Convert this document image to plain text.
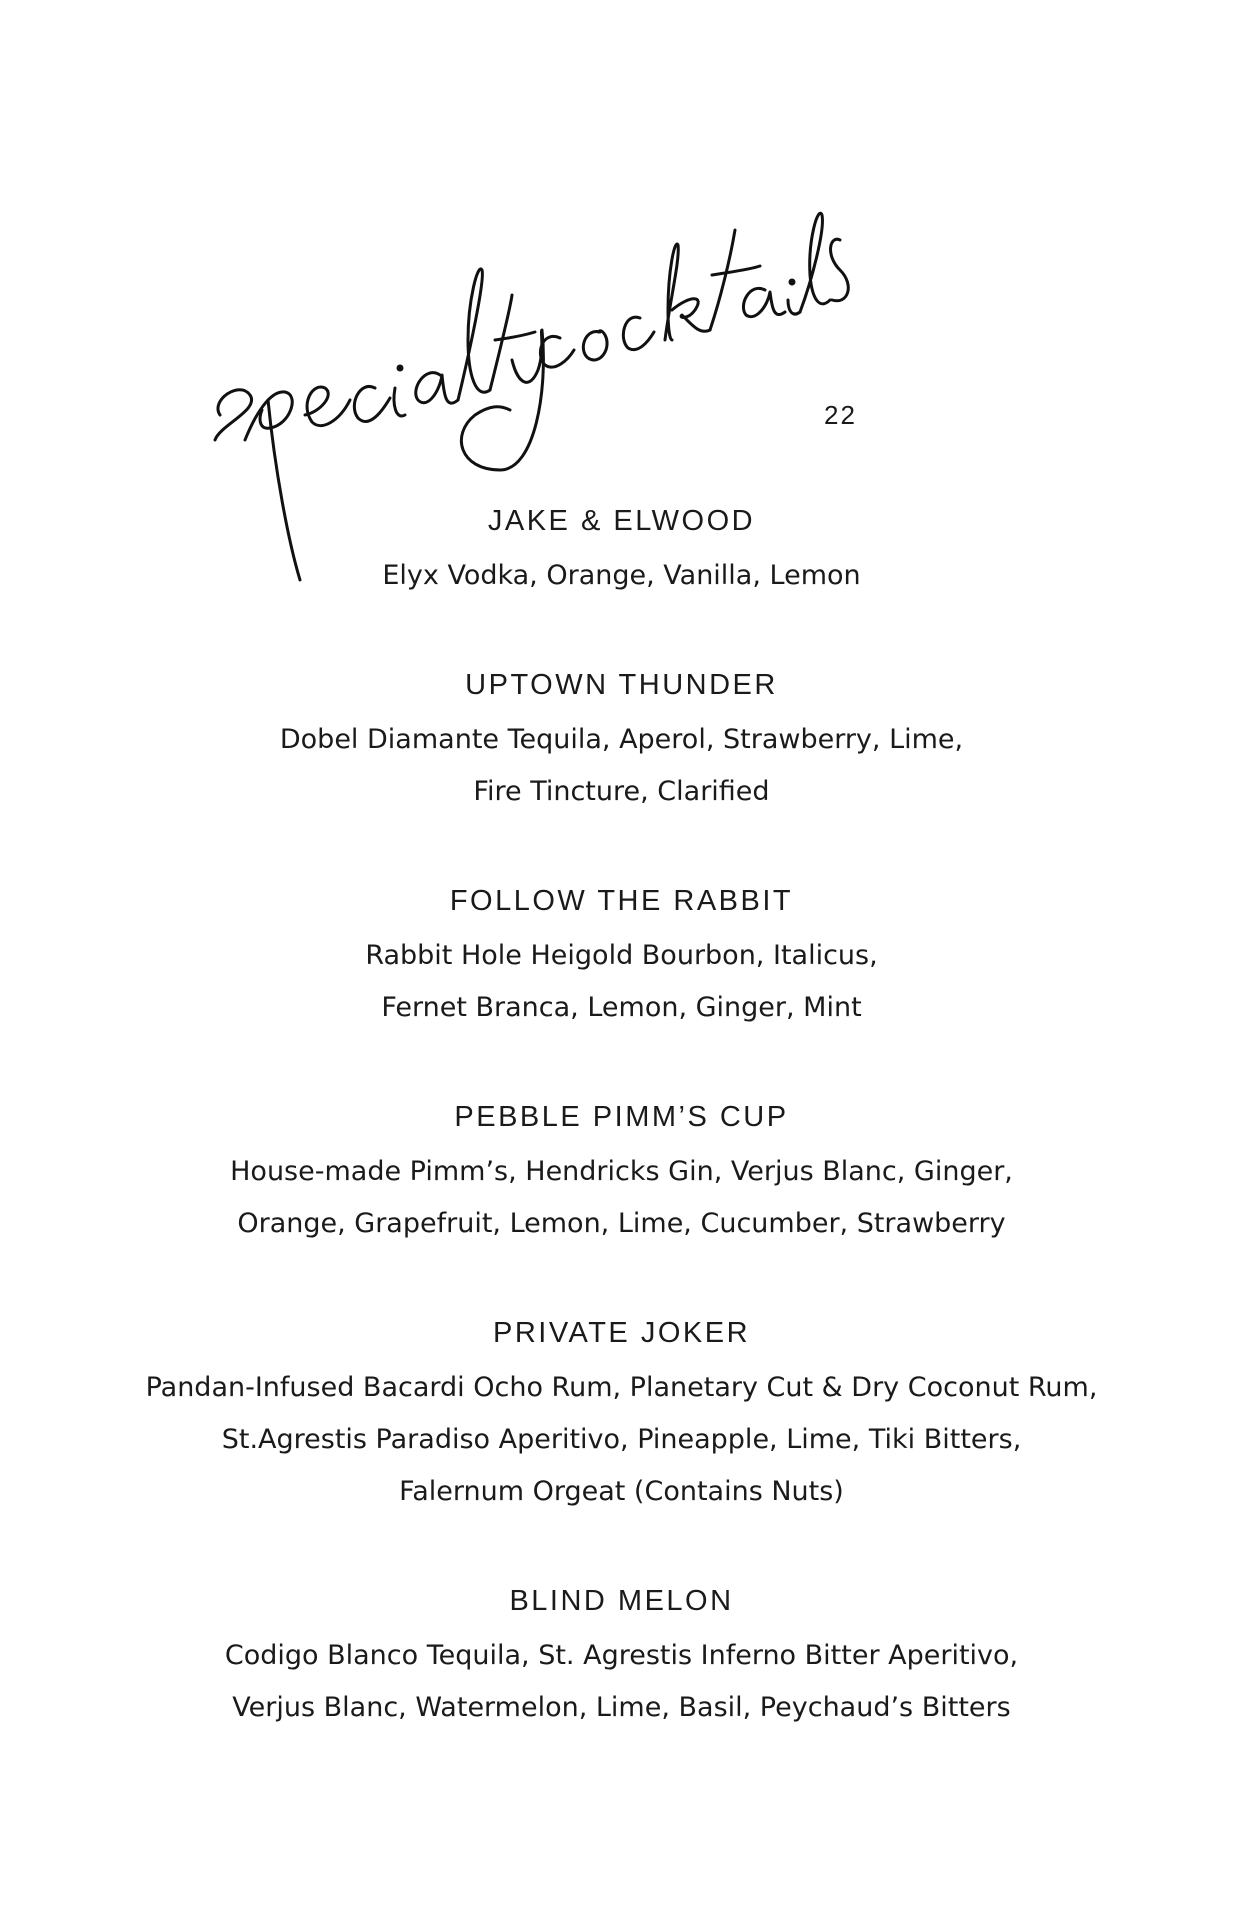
22
JAKE & ELWOOD
Elyx Vodka, Orange, Vanilla, Lemon
UPTOWN THUNDER
Dobel Diamante Tequila, Aperol, Strawberry, Lime,
Fire Tincture, Clarified
FOLLOW THE RABBIT
Rabbit Hole Heigold Bourbon, Italicus,
Fernet Branca, Lemon, Ginger, Mint
PEBBLE PIMM’S CUP
House-made Pimm’s, Hendricks Gin, Verjus Blanc, Ginger,
Orange, Grapefruit, Lemon, Lime, Cucumber, Strawberry
PRIVATE JOKER
Pandan-Infused Bacardi Ocho Rum, Planetary Cut & Dry Coconut Rum,
St.Agrestis Paradiso Aperitivo, Pineapple, Lime, Tiki Bitters,
Falernum Orgeat (Contains Nuts)
BLIND MELON
Codigo Blanco Tequila, St. Agrestis Inferno Bitter Aperitivo,
Verjus Blanc, Watermelon, Lime, Basil, Peychaud’s Bitters
